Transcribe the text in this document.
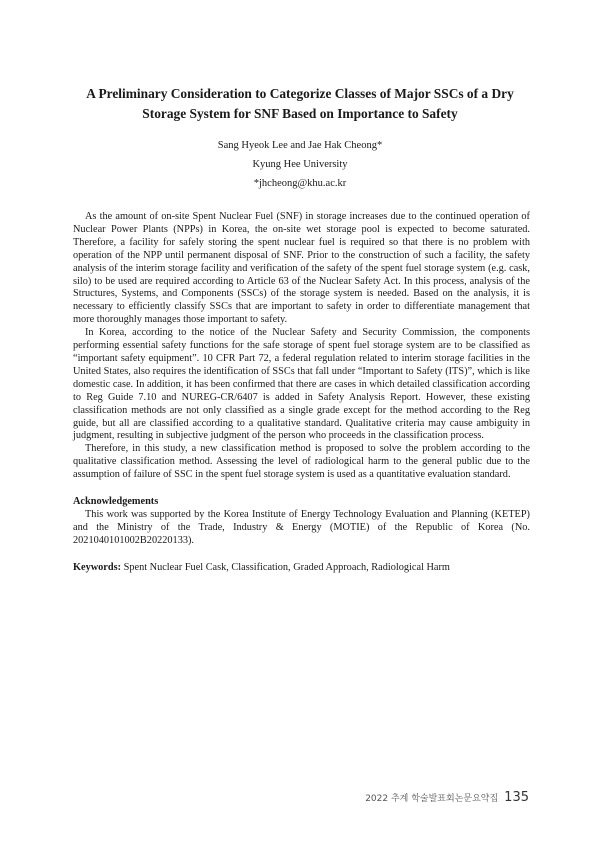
A Preliminary Consideration to Categorize Classes of Major SSCs of a Dry
Storage System for SNF Based on Importance to Safety
Sang Hyeok Lee and Jae Hak Cheong*
Kyung Hee University
*jhcheong@khu.ac.kr

As the amount of on-site Spent Nuclear Fuel (SNF) in storage increases due to the continued operation of Nuclear Power Plants (NPPs) in Korea, the on-site wet storage pool is expected to become saturated. Therefore, a facility for safely storing the spent nuclear fuel is required so that there is no problem with operation of the NPP until permanent disposal of SNF. Prior to the construction of such a facility, the safety analysis of the interim storage facility and verification of the safety of the spent fuel storage system (e.g. cask, silo) to be used are required according to Article 63 of the Nuclear Safety Act. In this process, analysis of the Structures, Systems, and Components (SSCs) of the storage system is needed. Based on the analysis, it is necessary to efficiently classify SSCs that are important to safety in order to differentiate management that more thoroughly manages those important to safety.

In Korea, according to the notice of the Nuclear Safety and Security Commission, the components performing essential safety functions for the safe storage of spent fuel storage system are to be classified as “important safety equipment”. 10 CFR Part 72, a federal regulation related to interim storage facilities in the United States, also requires the identification of SSCs that fall under “Important to Safety (ITS)”, which is like domestic case. In addition, it has been confirmed that there are cases in which detailed classification according to Reg Guide 7.10 and NUREG-CR/6407 is added in Safety Analysis Report. However, these existing classification methods are not only classified as a single grade except for the method according to the Reg guide, but all are classified according to a qualitative standard. Qualitative criteria may cause ambiguity in judgment, resulting in subjective judgment of the person who proceeds in the classification process.

Therefore, in this study, a new classification method is proposed to solve the problem according to the qualitative classification method. Assessing the level of radiological harm to the general public due to the assumption of failure of SSC in the spent fuel storage system is used as a quantitative evaluation standard.

Acknowledgements

This work was supported by the Korea Institute of Energy Technology Evaluation and Planning (KETEP) and the Ministry of the Trade, Industry & Energy (MOTIE) of the Republic of Korea (No. 2021040101002B20220133).

Keywords: Spent Nuclear Fuel Cask, Classification, Graded Approach, Radiological Harm
2022 추계 학술발표회논문요약집 135
